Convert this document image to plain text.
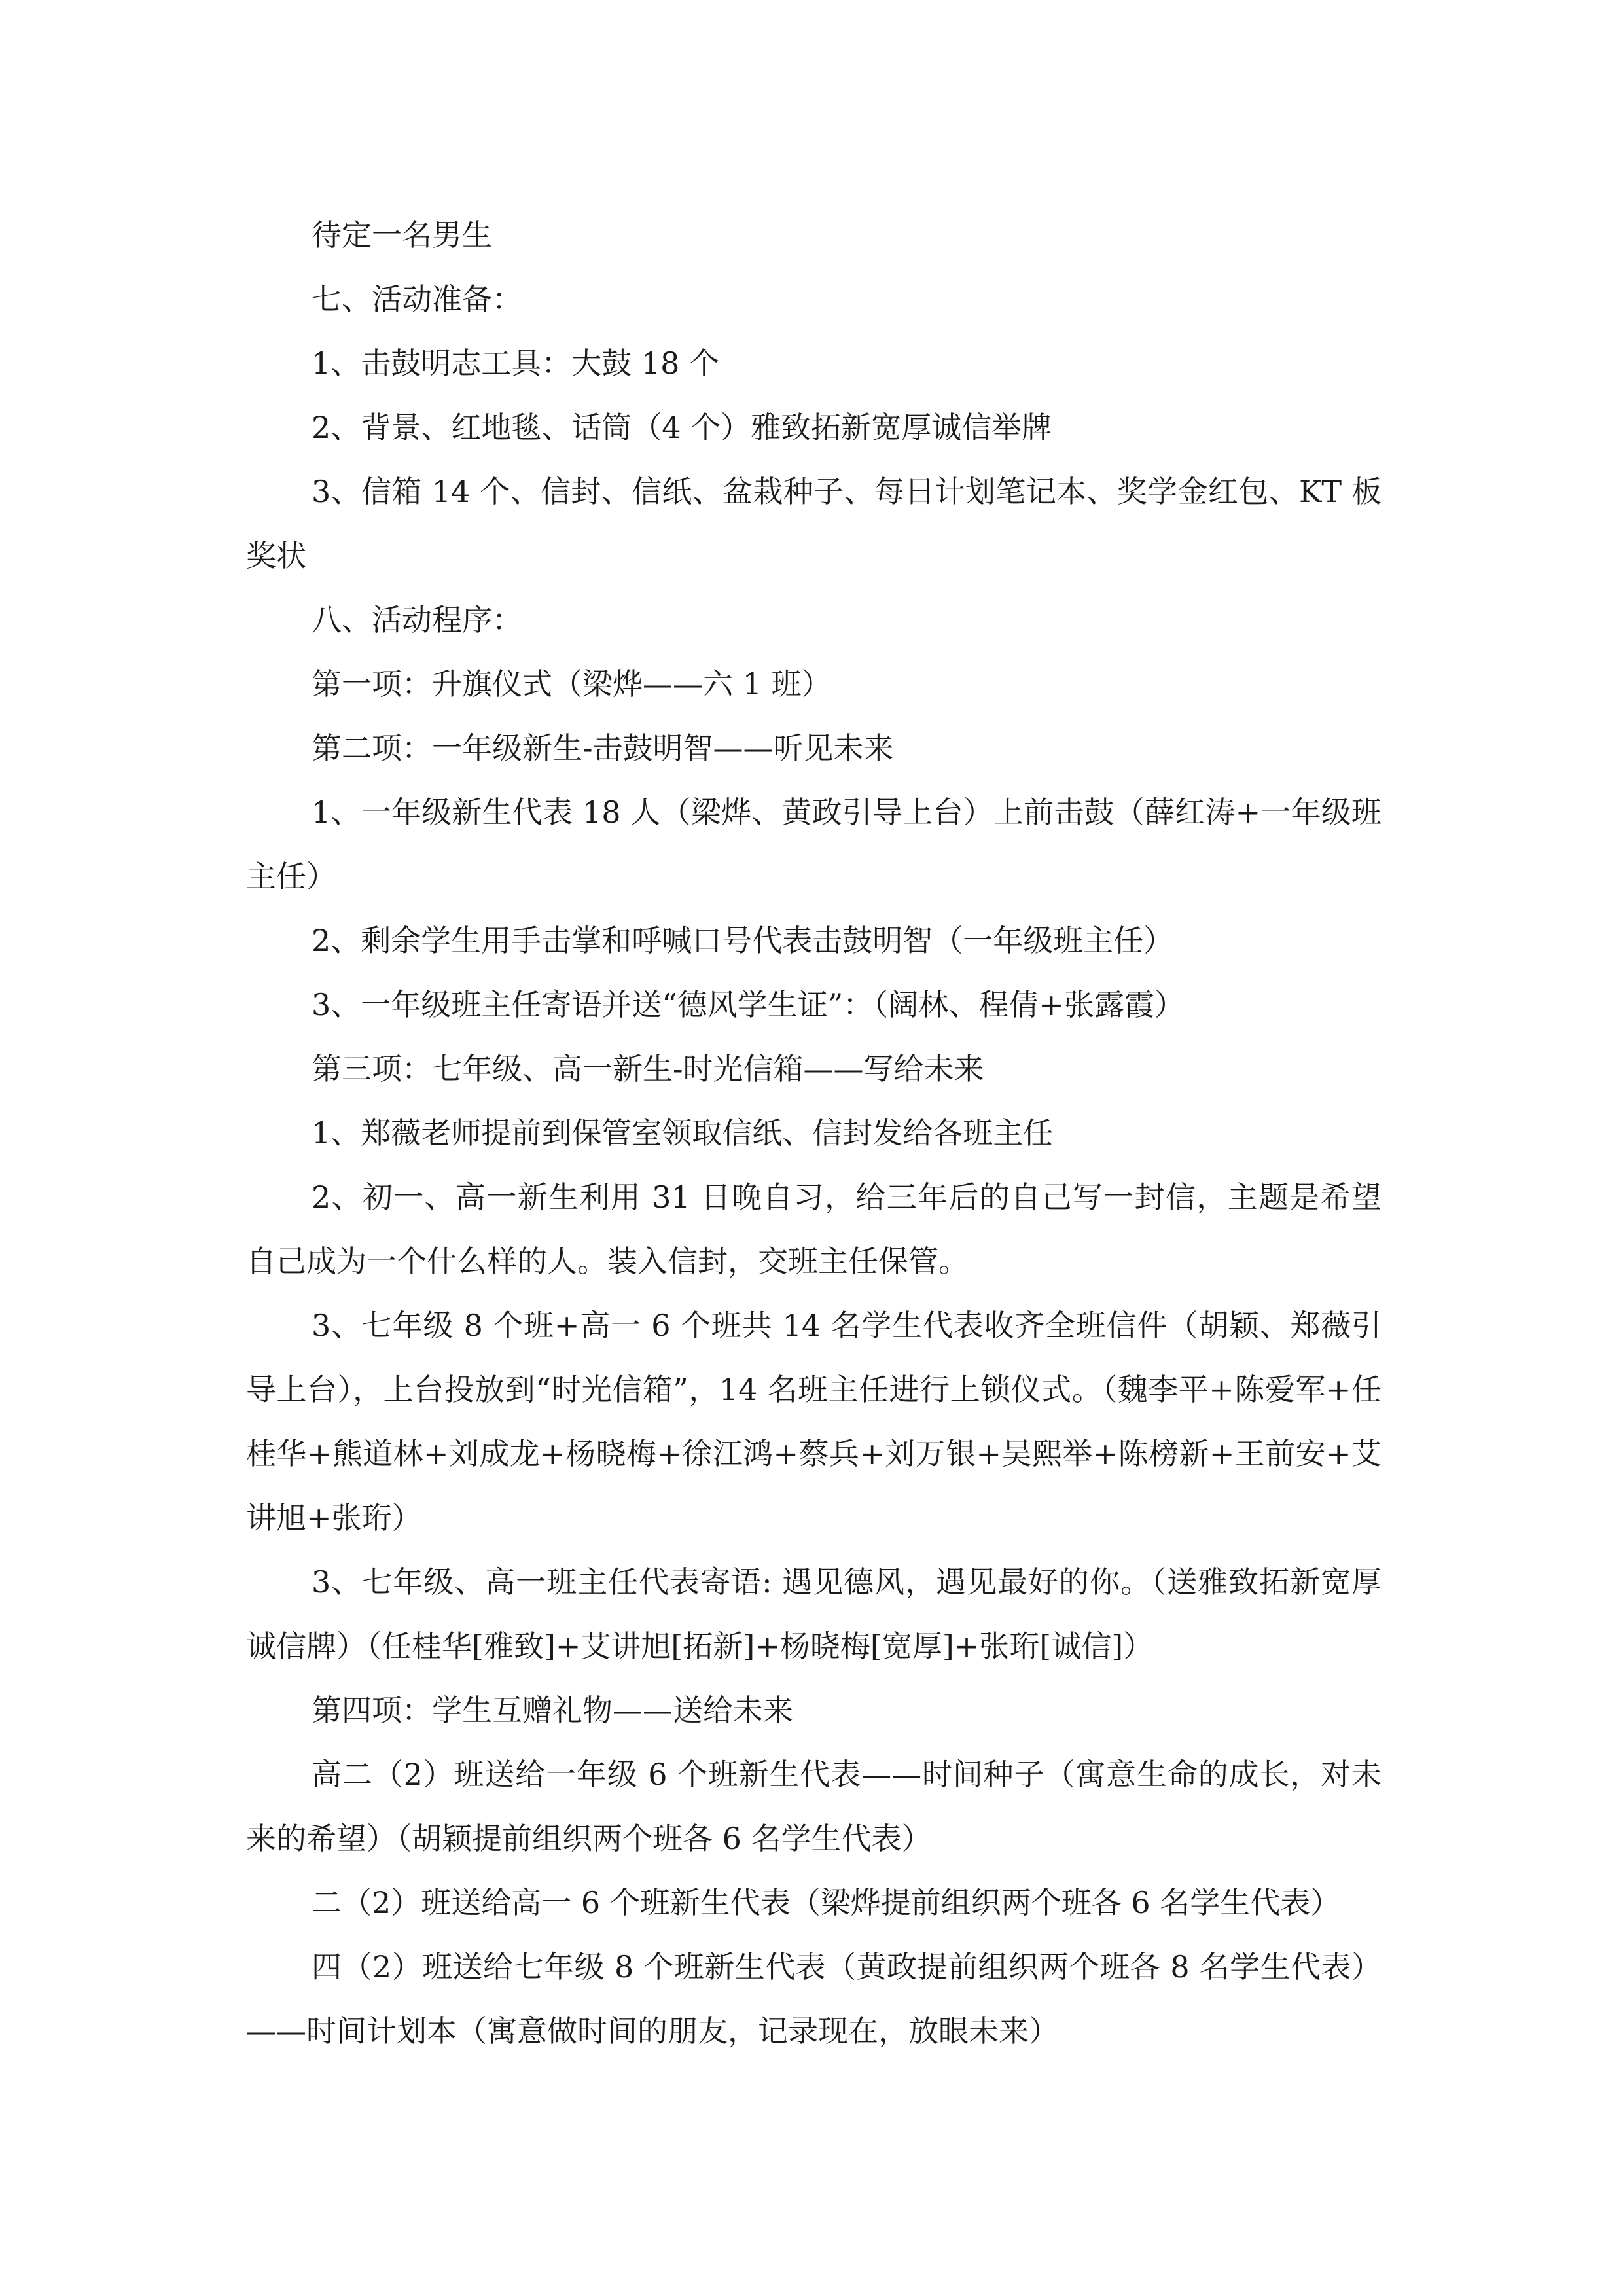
待定一名男生

七、活动准备：

1、击鼓明志工具：大鼓 18 个

2、背景、红地毯、话筒（4 个）雅致拓新宽厚诚信举牌

3、信箱 14 个、信封、信纸、盆栽种子、每日计划笔记本、奖学金红包、KT 板奖状

八、活动程序：

第一项：升旗仪式（梁烨——六 1 班）

第二项：一年级新生-击鼓明智——听见未来

1、一年级新生代表 18 人（梁烨、黄政引导上台）上前击鼓（薛红涛+一年级班主任）

2、剩余学生用手击掌和呼喊口号代表击鼓明智（一年级班主任）

3、一年级班主任寄语并送“德风学生证”：（阔林、程倩+张露霞）

第三项：七年级、高一新生-时光信箱——写给未来

1、郑薇老师提前到保管室领取信纸、信封发给各班主任

2、初一、高一新生利用 31 日晚自习，给三年后的自己写一封信，主题是希望自己成为一个什么样的人。装入信封，交班主任保管。

3、七年级 8 个班+高一 6 个班共 14 名学生代表收齐全班信件（胡颖、郑薇引导上台），上台投放到“时光信箱”，14 名班主任进行上锁仪式。（魏李平+陈爱军+任桂华+熊道林+刘成龙+杨晓梅+徐江鸿+蔡兵+刘万银+吴熙举+陈榜新+王前安+艾讲旭+张珩）

3、七年级、高一班主任代表寄语: 遇见德风，遇见最好的你。（送雅致拓新宽厚诚信牌）（任桂华[雅致]+艾讲旭[拓新]+杨晓梅[宽厚]+张珩[诚信]）

第四项：学生互赠礼物——送给未来

高二（2）班送给一年级 6 个班新生代表——时间种子（寓意生命的成长，对未来的希望）（胡颖提前组织两个班各 6 名学生代表）

二（2）班送给高一 6 个班新生代表（梁烨提前组织两个班各 6 名学生代表）

四（2）班送给七年级 8 个班新生代表（黄政提前组织两个班各 8 名学生代表）——时间计划本（寓意做时间的朋友，记录现在，放眼未来）
